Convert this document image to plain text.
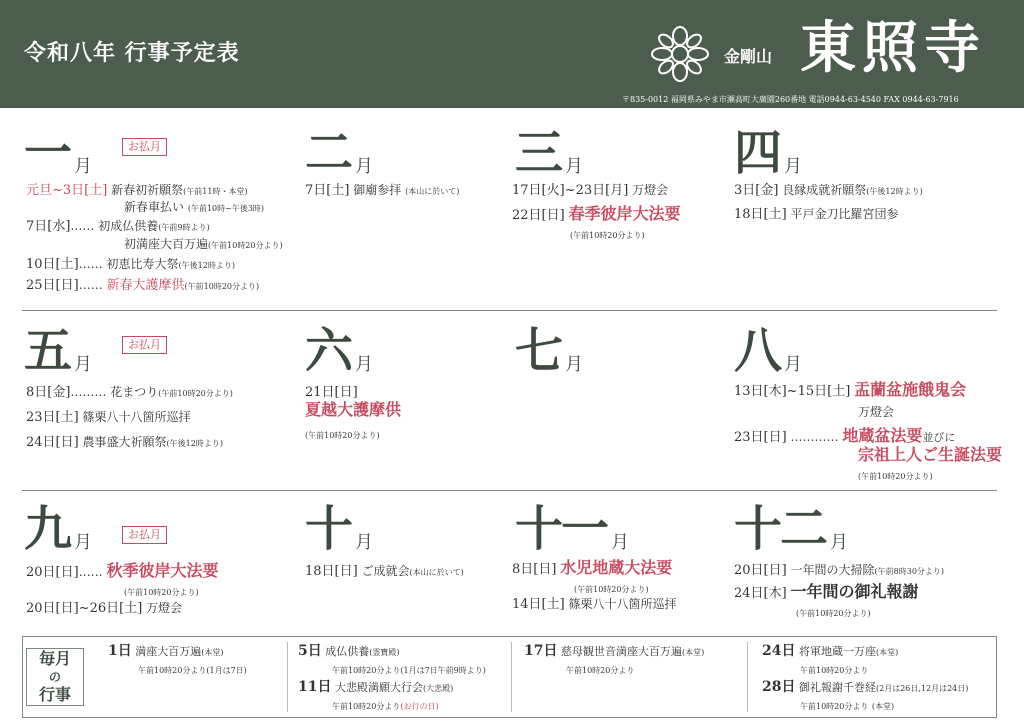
令和八年 行事予定表	金剛山 東照寺
〒835-0012 福岡県みやま市瀬高町大廣園260番地 電話0944-63-4540 FAX 0944-63-7916
一 月
お払月
元旦~3日[土] 新春初祈願祭(午前11時・本堂)
新春車払い (午前10時~午後3時)
7日[水]…… 初成仏供養(午前9時より)
初満座大百万遍(午前10時20分より)
10日[土]…… 初恵比寿大祭(午後12時より)
25日[日]…… 新春大護摩供(午前10時20分より)
二 月
7日[土] 御廟参拝 (本山に於いて)
三 月
17日[火]~23日[月] 万燈会
22日[日] 春季彼岸大法要
(午前10時20分より)
四 月
3日[金] 良縁成就祈願祭(午後12時より)
18日[土] 平戸金刀比羅宮団参
五 月
お払月
8日[金]……… 花まつり(午前10時20分より)
23日[土] 篠栗八十八箇所巡拝
24日[日] 農事盛大祈願祭(午後12時より)
六 月
21日[日]
夏越大護摩供
(午前10時20分より)
七 月	八 月
13日[木]~15日[土] 盂蘭盆施餓鬼会
万燈会
23日[日] ………… 地蔵盆法要並びに
宗祖上人ご生誕法要
(午前10時20分より)
九 月	お払月
20日[日]…… 秋季彼岸大法要
(午前10時20分より)
20日[日]~26日[土] 万燈会
十 月
18日[日] ご成就会(本山に於いて)
十一 月
8日[日] 水児地蔵大法要
(午前10時20分より)
14日[土] 篠栗八十八箇所巡拝
十二 月
20日[日] 一年間の大掃除(午前8時30分より)
24日[木] 一年間の御礼報謝
(午前10時20分より)
毎月
の
行事
1日 満座大百万遍(本堂)
午前10時20分より(1月は7日)
5日 成仏供養(霊寶殿)
午前10時20分より(1月は7日午前9時より)
11日 大悲殿満願大行会(大悲殿)
午前10時20分より(お行の日)
17日 慈母観世音満座大百万遍(本堂)
午前10時20分より
24日 将軍地蔵一万座(本堂)
午前10時20分より
28日 御礼報謝千巻経(2月は26日,12月は24日)
午前10時20分より (本堂)
